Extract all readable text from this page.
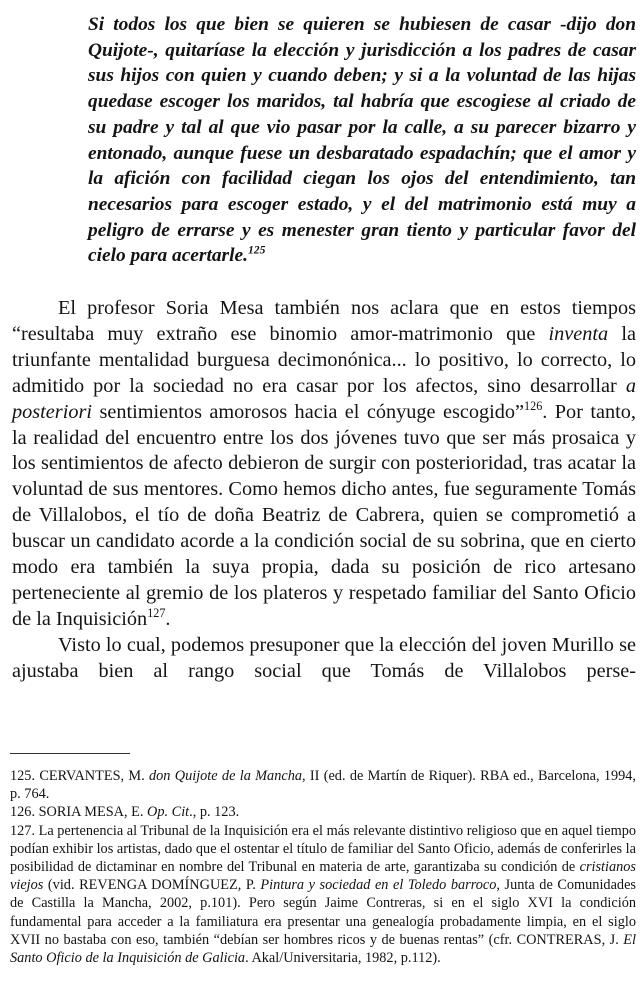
Si todos los que bien se quieren se hubiesen de casar -dijo don Quijote-, quitaríase la elección y jurisdicción a los padres de casar sus hijos con quien y cuando deben; y si a la voluntad de las hijas quedase escoger los maridos, tal habría que escogiese al criado de su padre y tal al que vio pasar por la calle, a su parecer bizarro y entonado, aunque fuese un desbaratado espadachín; que el amor y la afición con facilidad ciegan los ojos del entendimiento, tan necesarios para escoger estado, y el del matrimonio está muy a peligro de errarse y es menester gran tiento y particular favor del cielo para acertarle.$^{125}$

El profesor Soria Mesa también nos aclara que en estos tiempos “resultaba muy extraño ese binomio amor-matrimonio que inventa la triunfante mentalidad burguesa decimonónica... lo positivo, lo correcto, lo admitido por la sociedad no era casar por los afectos, sino desarrollar a posteriori sentimientos amorosos hacia el cónyuge escogido”$^{126}$. Por tanto, la realidad del encuentro entre los dos jóvenes tuvo que ser más prosaica y los sentimientos de afecto debieron de surgir con posterioridad, tras acatar la voluntad de sus mentores. Como hemos dicho antes, fue seguramente Tomás de Villalobos, el tío de doña Beatriz de Cabrera, quien se comprometió a buscar un candidato acorde a la condición social de su sobrina, que en cierto modo era también la suya propia, dada su posición de rico artesano perteneciente al gremio de los plateros y respetado familiar del Santo Oficio de la Inquisición$^{127}$.

Visto lo cual, podemos presuponer que la elección del joven Murillo se ajustaba bien al rango social que Tomás de Villalobos perse-

125. CERVANTES, M. don Quijote de la Mancha, II (ed. de Martín de Riquer). RBA ed., Barcelona, 1994, p. 764.

126. SORIA MESA, E. Op. Cit., p. 123.

127. La pertenencia al Tribunal de la Inquisición era el más relevante distintivo religioso que en aquel tiempo podían exhibir los artistas, dado que el ostentar el título de familiar del Santo Oficio, además de conferirles la posibilidad de dictaminar en nombre del Tribunal en materia de arte, garantizaba su condición de cristianos viejos (vid. REVENGA DOMÍNGUEZ, P. Pintura y sociedad en el Toledo barroco, Junta de Comunidades de Castilla la Mancha, 2002, p.101). Pero según Jaime Contreras, si en el siglo XVI la condición fundamental para acceder a la familiatura era presentar una genealogía probadamente limpia, en el siglo XVII no bastaba con eso, también “debían ser hombres ricos y de buenas rentas” (cfr. CONTRERAS, J. El Santo Oficio de la Inquisición de Galicia. Akal/Universitaria, 1982, p.112).
